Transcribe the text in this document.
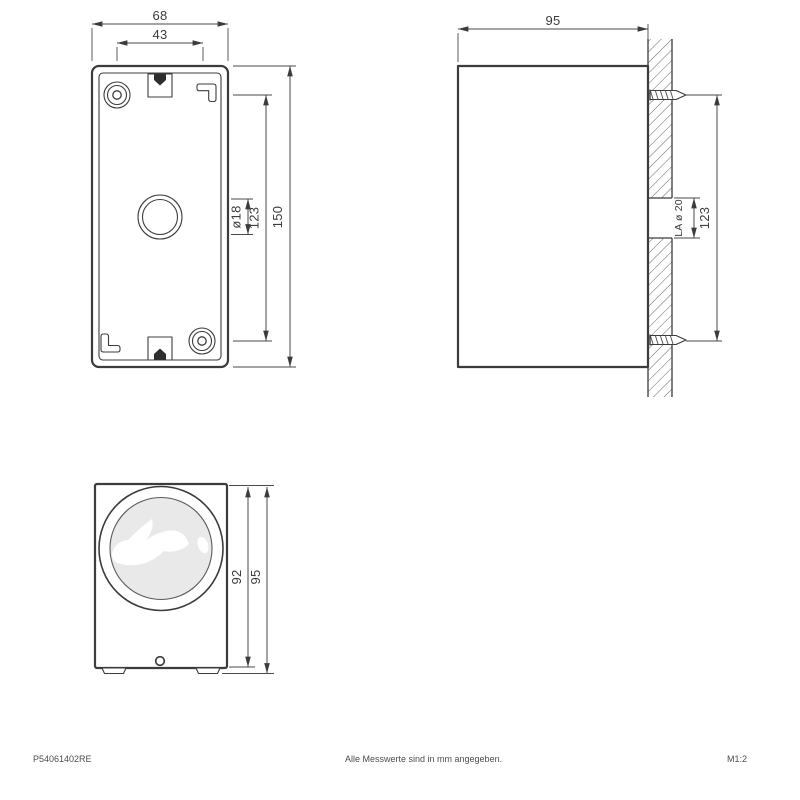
68
43
ø18 123 150
95
123
LA ø 20
92 95
P54061402RE	Alle Messwerte sind in mm angegeben.	M1:2
